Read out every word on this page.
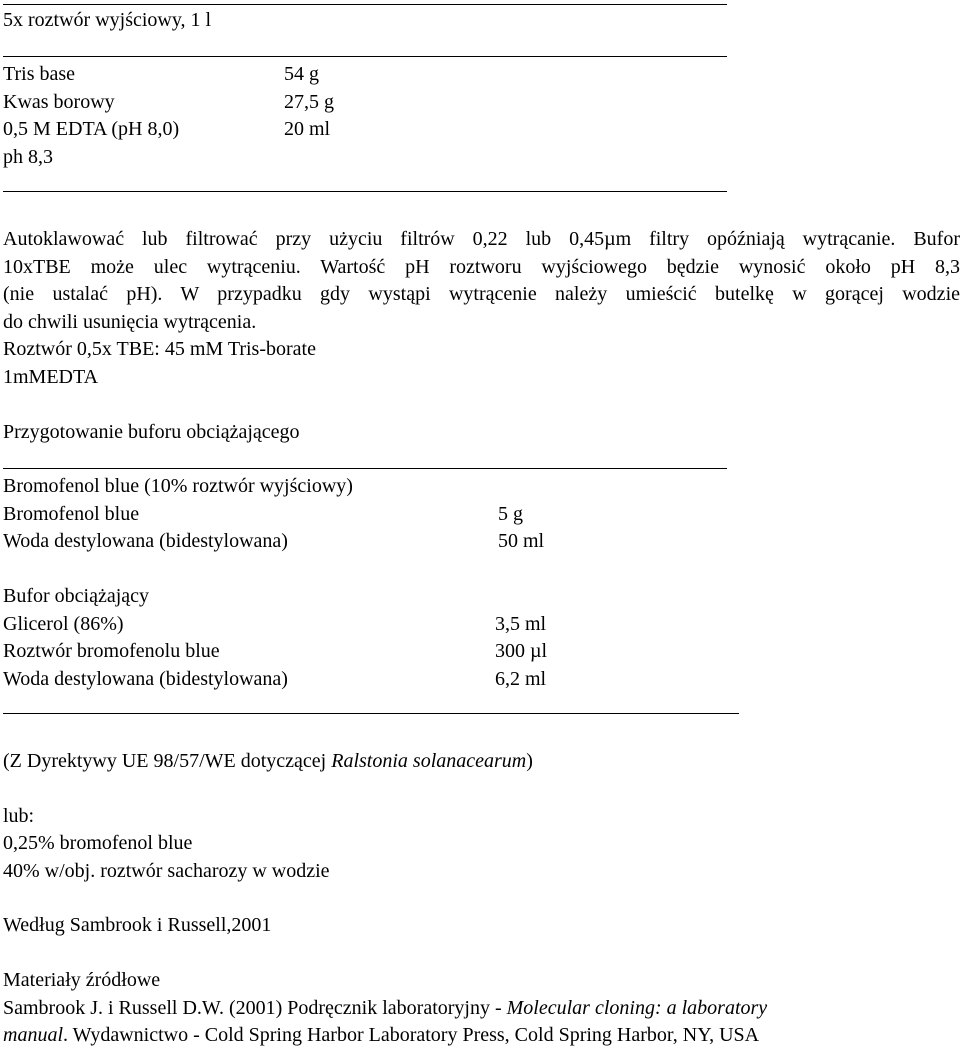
5x roztwór wyjściowy, 1 l
Tris base	54 g
Kwas borowy	27,5 g
0,5 M EDTA (pH 8,0)	20 ml
ph 8,3
Autoklawować lub filtrować przy użyciu filtrów 0,22 lub 0,45µm filtry opóźniają wytrącanie. Bufor
10xTBE może ulec wytrąceniu. Wartość pH roztworu wyjściowego będzie wynosić około pH 8,3
(nie ustalać pH). W przypadku gdy wystąpi wytrącenie należy umieścić butelkę w gorącej wodzie
do chwili usunięcia wytrącenia.
Roztwór 0,5x TBE: 45 mM Tris-borate
1mMEDTA
Przygotowanie buforu obciążającego
Bromofenol blue (10% roztwór wyjściowy)
Bromofenol blue	5 g
Woda destylowana (bidestylowana)	50 ml
Bufor obciążający
Glicerol (86%)	3,5 ml
Roztwór bromofenolu blue	300 µl
Woda destylowana (bidestylowana)	6,2 ml
(Z Dyrektywy UE 98/57/WE dotyczącej Ralstonia solanacearum)
lub:
0,25% bromofenol blue
40% w/obj. roztwór sacharozy w wodzie
Według Sambrook i Russell,2001
Materiały źródłowe
Sambrook J. i Russell D.W. (2001) Podręcznik laboratoryjny - Molecular cloning: a laboratory
manual. Wydawnictwo - Cold Spring Harbor Laboratory Press, Cold Spring Harbor, NY, USA
